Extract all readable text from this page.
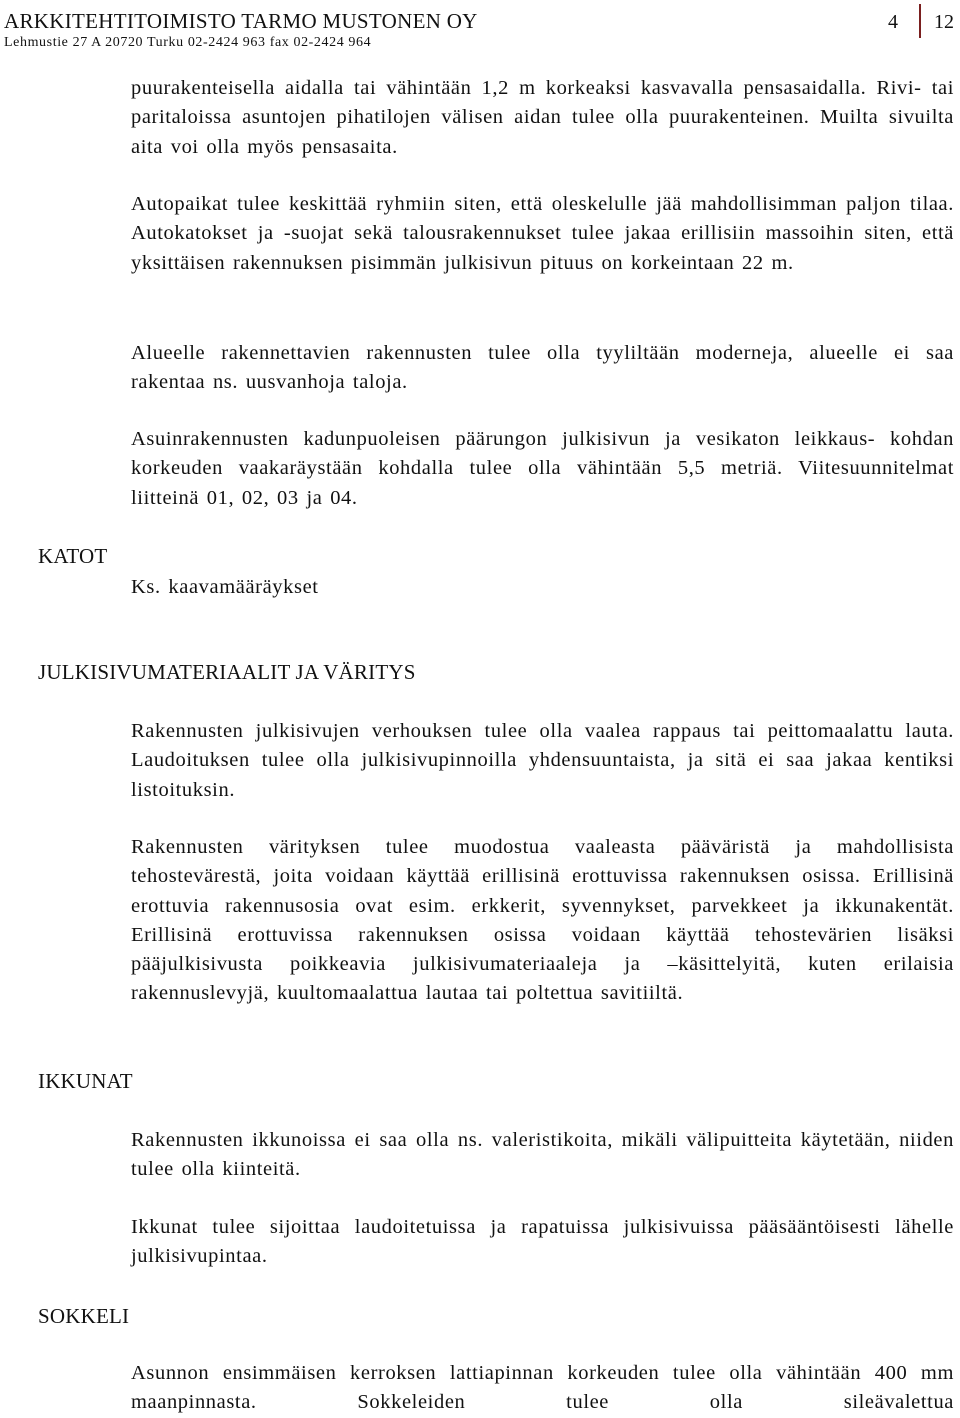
ARKKITEHTITOIMISTO TARMO MUSTONEN OY
Lehmustie 27 A 20720 Turku 02-2424 963 fax 02-2424 964
4 12

puurakenteisella aidalla tai vähintään 1,2 m korkeaksi kasvavalla pensasaidalla. Rivi- tai paritaloissa asuntojen pihatilojen välisen aidan tulee olla puurakenteinen. Muilta sivuilta aita voi olla myös pensasaita.

Autopaikat tulee keskittää ryhmiin siten, että oleskelulle jää mahdollisimman paljon tilaa. Autokatokset ja -suojat sekä talousrakennukset tulee jakaa erillisiin massoihin siten, että yksittäisen rakennuksen pisimmän julkisivun pituus on korkeintaan 22 m.

Alueelle rakennettavien rakennusten tulee olla tyyliltään moderneja, alueelle ei saa rakentaa ns. uusvanhoja taloja.

Asuinrakennusten kadunpuoleisen päärungon julkisivun ja vesikaton leikkaus- kohdan korkeuden vaakaräystään kohdalla tulee olla vähintään 5,5 metriä. Viitesuunnitelmat liitteinä 01, 02, 03 ja 04.

KATOT

Ks. kaavamääräykset

JULKISIVUMATERIAALIT JA VÄRITYS

Rakennusten julkisivujen verhouksen tulee olla vaalea rappaus tai peittomaalattu lauta. Laudoituksen tulee olla julkisivupinnoilla yhdensuuntaista, ja sitä ei saa jakaa kentiksi listoituksin.

Rakennusten värityksen tulee muodostua vaaleasta pääväristä ja mahdollisista tehostevärestä, joita voidaan käyttää erillisinä erottuvissa rakennuksen osissa. Erillisinä erottuvia rakennusosia ovat esim. erkkerit, syvennykset, parvekkeet ja ikkunakentät. Erillisinä erottuvissa rakennuksen osissa voidaan käyttää tehostevärien lisäksi pääjulkisivusta poikkeavia julkisivumateriaaleja ja –käsittelyitä, kuten erilaisia rakennuslevyjä, kuultomaalattua lautaa tai poltettua savitiiltä.

IKKUNAT

Rakennusten ikkunoissa ei saa olla ns. valeristikoita, mikäli välipuitteita käytetään, niiden tulee olla kiinteitä.

Ikkunat tulee sijoittaa laudoitetuissa ja rapatuissa julkisivuissa pääsääntöisesti lähelle julkisivupintaa.

SOKKELI

Asunnon ensimmäisen kerroksen lattiapinnan korkeuden tulee olla vähintään 400 mm maanpinnasta. Sokkeleiden tulee olla sileävalettua
